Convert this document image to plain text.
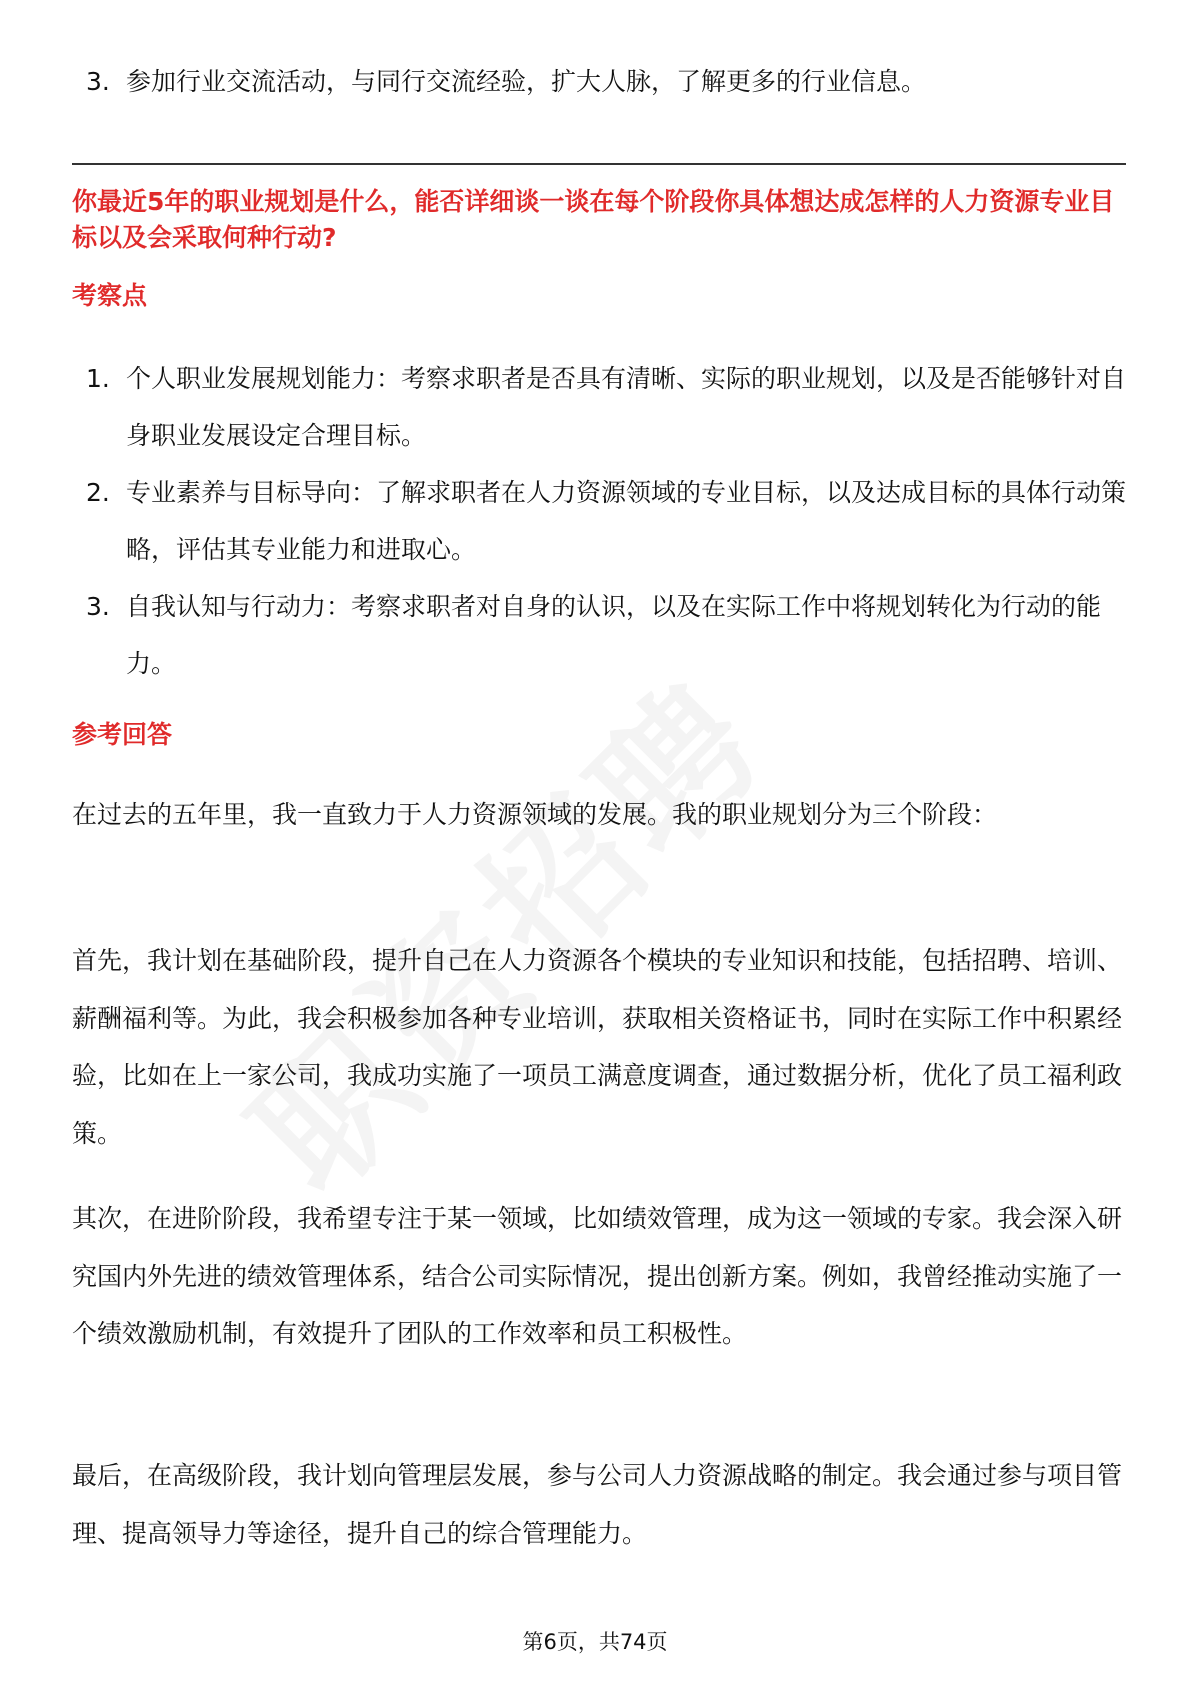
3. 参加行业交流活动，与同行交流经验，扩大人脉，了解更多的行业信息。
你最近5年的职业规划是什么，能否详细谈一谈在每个阶段你具体想达成怎样的人力资源专业目标以及会采取何种行动?
考察点
1. 个人职业发展规划能力：考察求职者是否具有清晰、实际的职业规划，以及是否能够针对自身职业发展设定合理目标。
2. 专业素养与目标导向：了解求职者在人力资源领域的专业目标，以及达成目标的具体行动策略，评估其专业能力和进取心。
3. 自我认知与行动力：考察求职者对自身的认识，以及在实际工作中将规划转化为行动的能力。
参考回答

在过去的五年里，我一直致力于人力资源领域的发展。我的职业规划分为三个阶段：

首先，我计划在基础阶段，提升自己在人力资源各个模块的专业知识和技能，包括招聘、培训、薪酬福利等。为此，我会积极参加各种专业培训，获取相关资格证书，同时在实际工作中积累经验，比如在上一家公司，我成功实施了一项员工满意度调查，通过数据分析，优化了员工福利政策。

其次，在进阶阶段，我希望专注于某一领域，比如绩效管理，成为这一领域的专家。我会深入研究国内外先进的绩效管理体系，结合公司实际情况，提出创新方案。例如，我曾经推动实施了一个绩效激励机制，有效提升了团队的工作效率和员工积极性。

最后，在高级阶段，我计划向管理层发展，参与公司人力资源战略的制定。我会通过参与项目管理、提高领导力等途径，提升自己的综合管理能力。

第6页，共74页
